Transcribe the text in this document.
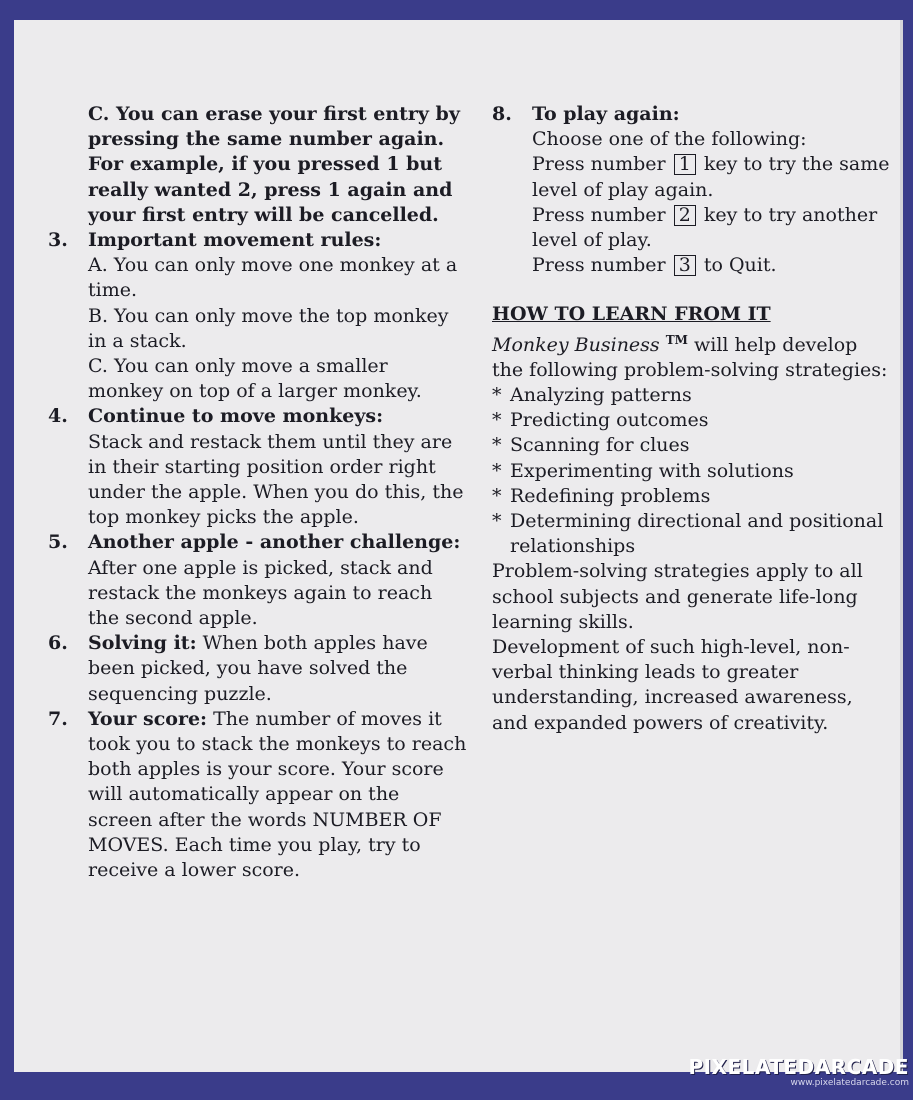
C. You can erase your first entry by pressing the same number again. For example, if you pressed 1 but really wanted 2, press 1 again and your first entry will be cancelled.
3.	Important movement rules:
A. You can only move one monkey at a time.
B. You can only move the top monkey in a stack.
C. You can only move a smaller monkey on top of a larger monkey.
4.	Continue to move monkeys:
Stack and restack them until they are in their starting position order right under the apple. When you do this, the top monkey picks the apple.
5.	Another apple - another challenge: After one apple is picked, stack and restack the monkeys again to reach the second apple.
6.	Solving it: When both apples have been picked, you have solved the sequencing puzzle.
7.	Your score: The number of moves it took you to stack the monkeys to reach both apples is your score. Your score will automatically appear on the screen after the words NUMBER OF MOVES. Each time you play, try to receive a lower score.
8.	To play again:
Choose one of the following:
Press number 1 key to try the same level of play again.
Press number 2 key to try another level of play.
Press number 3 to Quit.
HOW TO LEARN FROM IT
Monkey Business ™ will help develop the following problem-solving strategies:
* Analyzing patterns
* Predicting outcomes
* Scanning for clues
* Experimenting with solutions
* Redefining problems
* Determining directional and positional relationships
Problem-solving strategies apply to all school subjects and generate life-long learning skills.
Development of such high-level, non-verbal thinking leads to greater understanding, increased awareness, and expanded powers of creativity.
PIXELATEDARCADE
www.pixelatedarcade.com
